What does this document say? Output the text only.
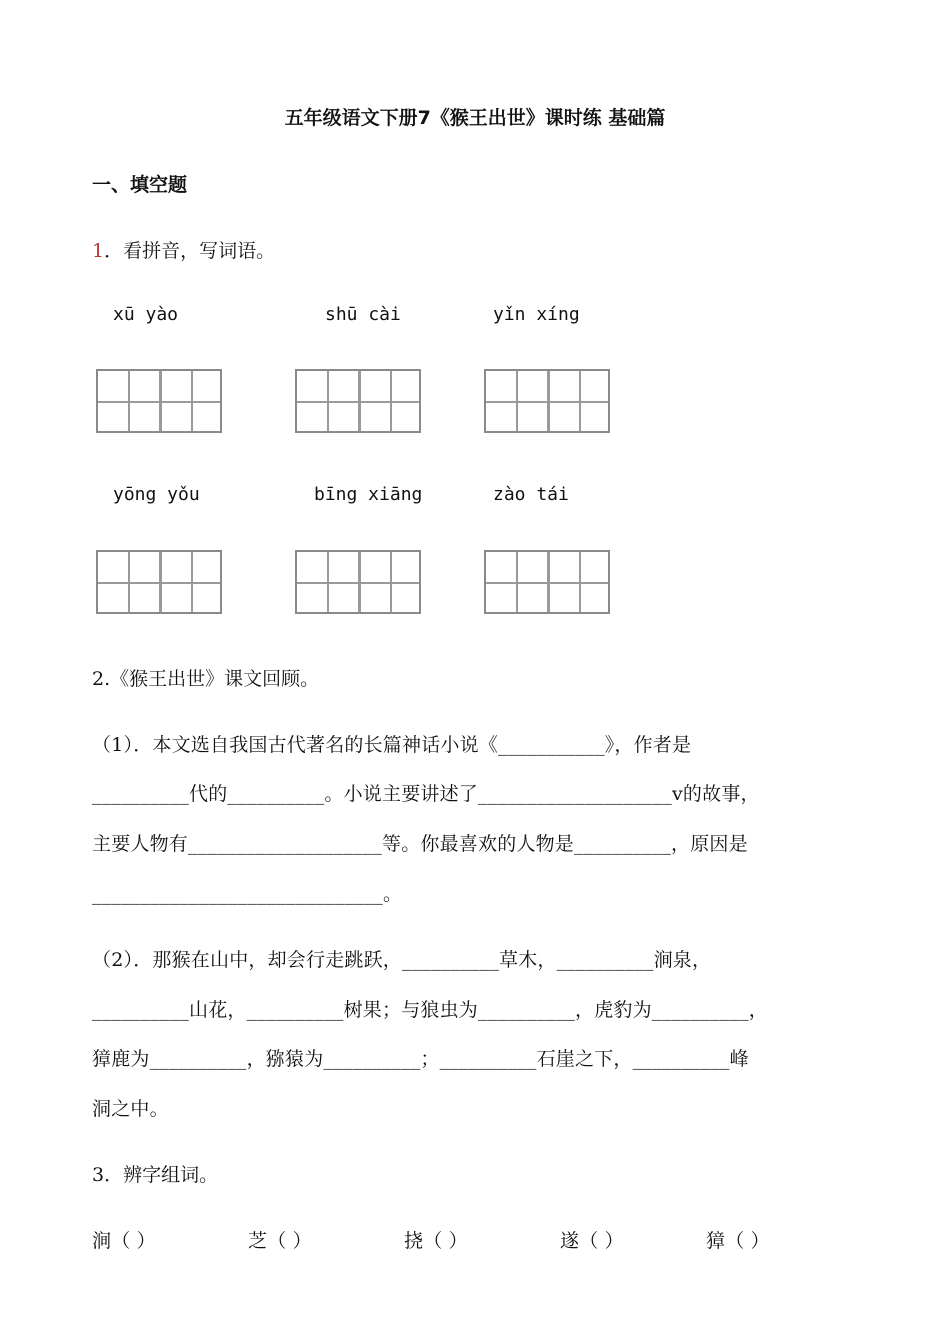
五年级语文下册7《猴王出世》课时练 基础篇
一、填空题
1．看拼音，写词语。
xū yào	shū cài	yǐn xíng
yōng yǒu	bīng xiāng	zào tái
2.《猴王出世》课文回顾。
（1）．本文选自我国古代著名的长篇神话小说《___________》，作者是
__________代的__________。小说主要讲述了____________________v的故事，
主要人物有____________________等。你最喜欢的人物是__________，原因是
______________________________。
（2）．那猴在山中，却会行走跳跃，__________草木，__________涧泉，
__________山花，__________树果；与狼虫为__________，虎豹为__________，
獐鹿为__________，猕猿为__________；__________石崖之下，__________峰
洞之中。
3．辨字组词。
涧（ ）	芝（ ）	挠（ ）	遂（ ）	獐（ ）
